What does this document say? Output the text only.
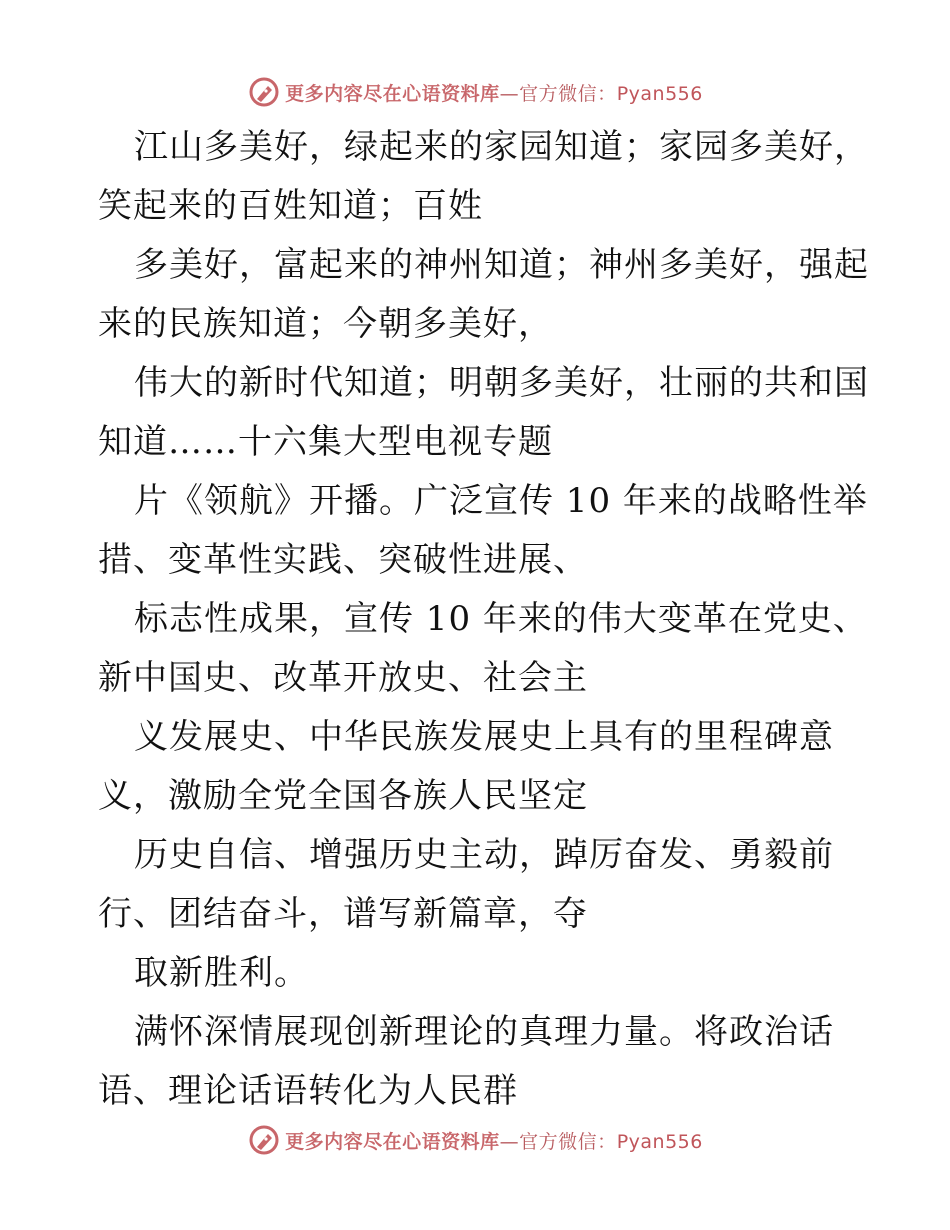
更多内容尽在心语资料库—官方微信：Pyan556
江山多美好，绿起来的家园知道；家园多美好，
笑起来的百姓知道；百姓
多美好，富起来的神州知道；神州多美好，强起
来的民族知道；今朝多美好，
伟大的新时代知道；明朝多美好，壮丽的共和国
知道……十六集大型电视专题
片《领航》开播。广泛宣传 10 年来的战略性举
措、变革性实践、突破性进展、
标志性成果，宣传 10 年来的伟大变革在党史、
新中国史、改革开放史、社会主
义发展史、中华民族发展史上具有的里程碑意
义，激励全党全国各族人民坚定
历史自信、增强历史主动，踔厉奋发、勇毅前
行、团结奋斗，谱写新篇章，夺
取新胜利。
满怀深情展现创新理论的真理力量。将政治话
语、理论话语转化为人民群
更多内容尽在心语资料库—官方微信：Pyan556
